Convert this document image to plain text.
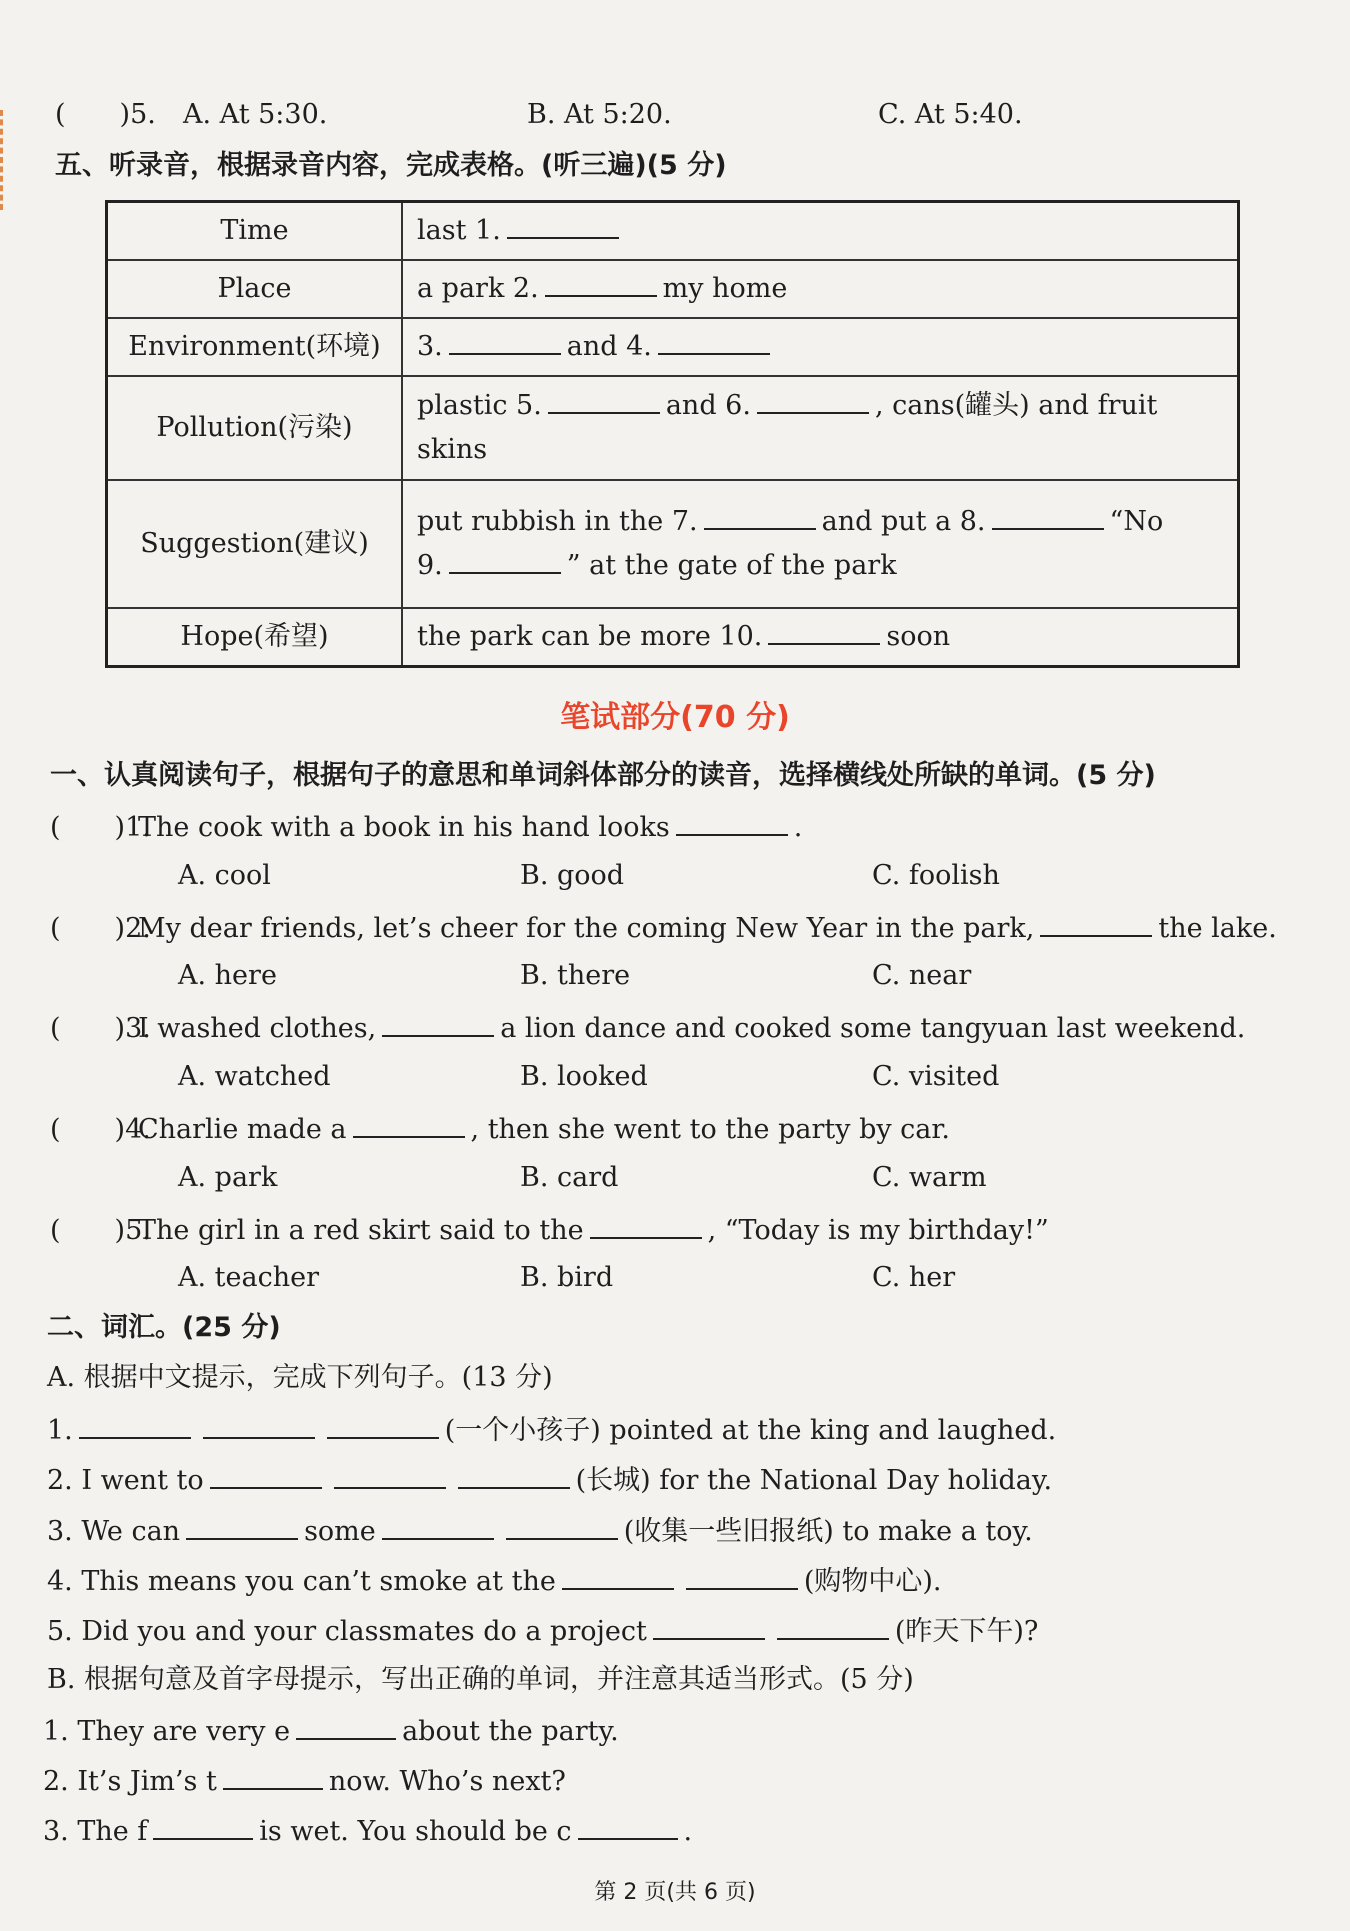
(　　)5. A. At 5:30.	B. At 5:20.	C. At 5:40.
五、听录音，根据录音内容，完成表格。(听三遍)(5 分)
Time	last 1.
Place	a park 2. my home
Environment(环境)	3. and 4.
Pollution(污染)	plastic 5. and 6. , cans(罐头) and fruit
skins
Suggestion(建议)	put rubbish in the 7. and put a 8. “No
9. ” at the gate of the park
Hope(希望)	the park can be more 10. soon
笔试部分(70 分)
一、认真阅读句子，根据句子的意思和单词斜体部分的读音，选择横线处所缺的单词。(5 分)
(　　)1.The cook with a book in his hand looks	.
A. cool	B. good	C. foolish
(　　)2.My dear friends, let’s cheer for the coming New Year in the park,	the lake.
A. here	B. there	C. near
(　　)3.I washed clothes,	a lion dance and cooked some tangyuan last weekend.
A. watched	B. looked	C. visited
(　　)4.Charlie made a	, then she went to the party by car.
A. park	B. card	C. warm
(　　)5.The girl in a red skirt said to the	, “Today is my birthday!”
A. teacher	B. bird	C. her
二、词汇。(25 分)
A. 根据中文提示，完成下列句子。(13 分)
1.	(一个小孩子) pointed at the king and laughed.
2. I went to	(长城) for the National Day holiday.
3. We can	some	(收集一些旧报纸) to make a toy.
4. This means you can’t smoke at the	(购物中心).
5. Did you and your classmates do a project	(昨天下午)?
B. 根据句意及首字母提示，写出正确的单词，并注意其适当形式。(5 分)
1. They are very e	about the party.
2. It’s Jim’s t	now. Who’s next?
3. The f	is wet. You should be c	.
第 2 页(共 6 页)
